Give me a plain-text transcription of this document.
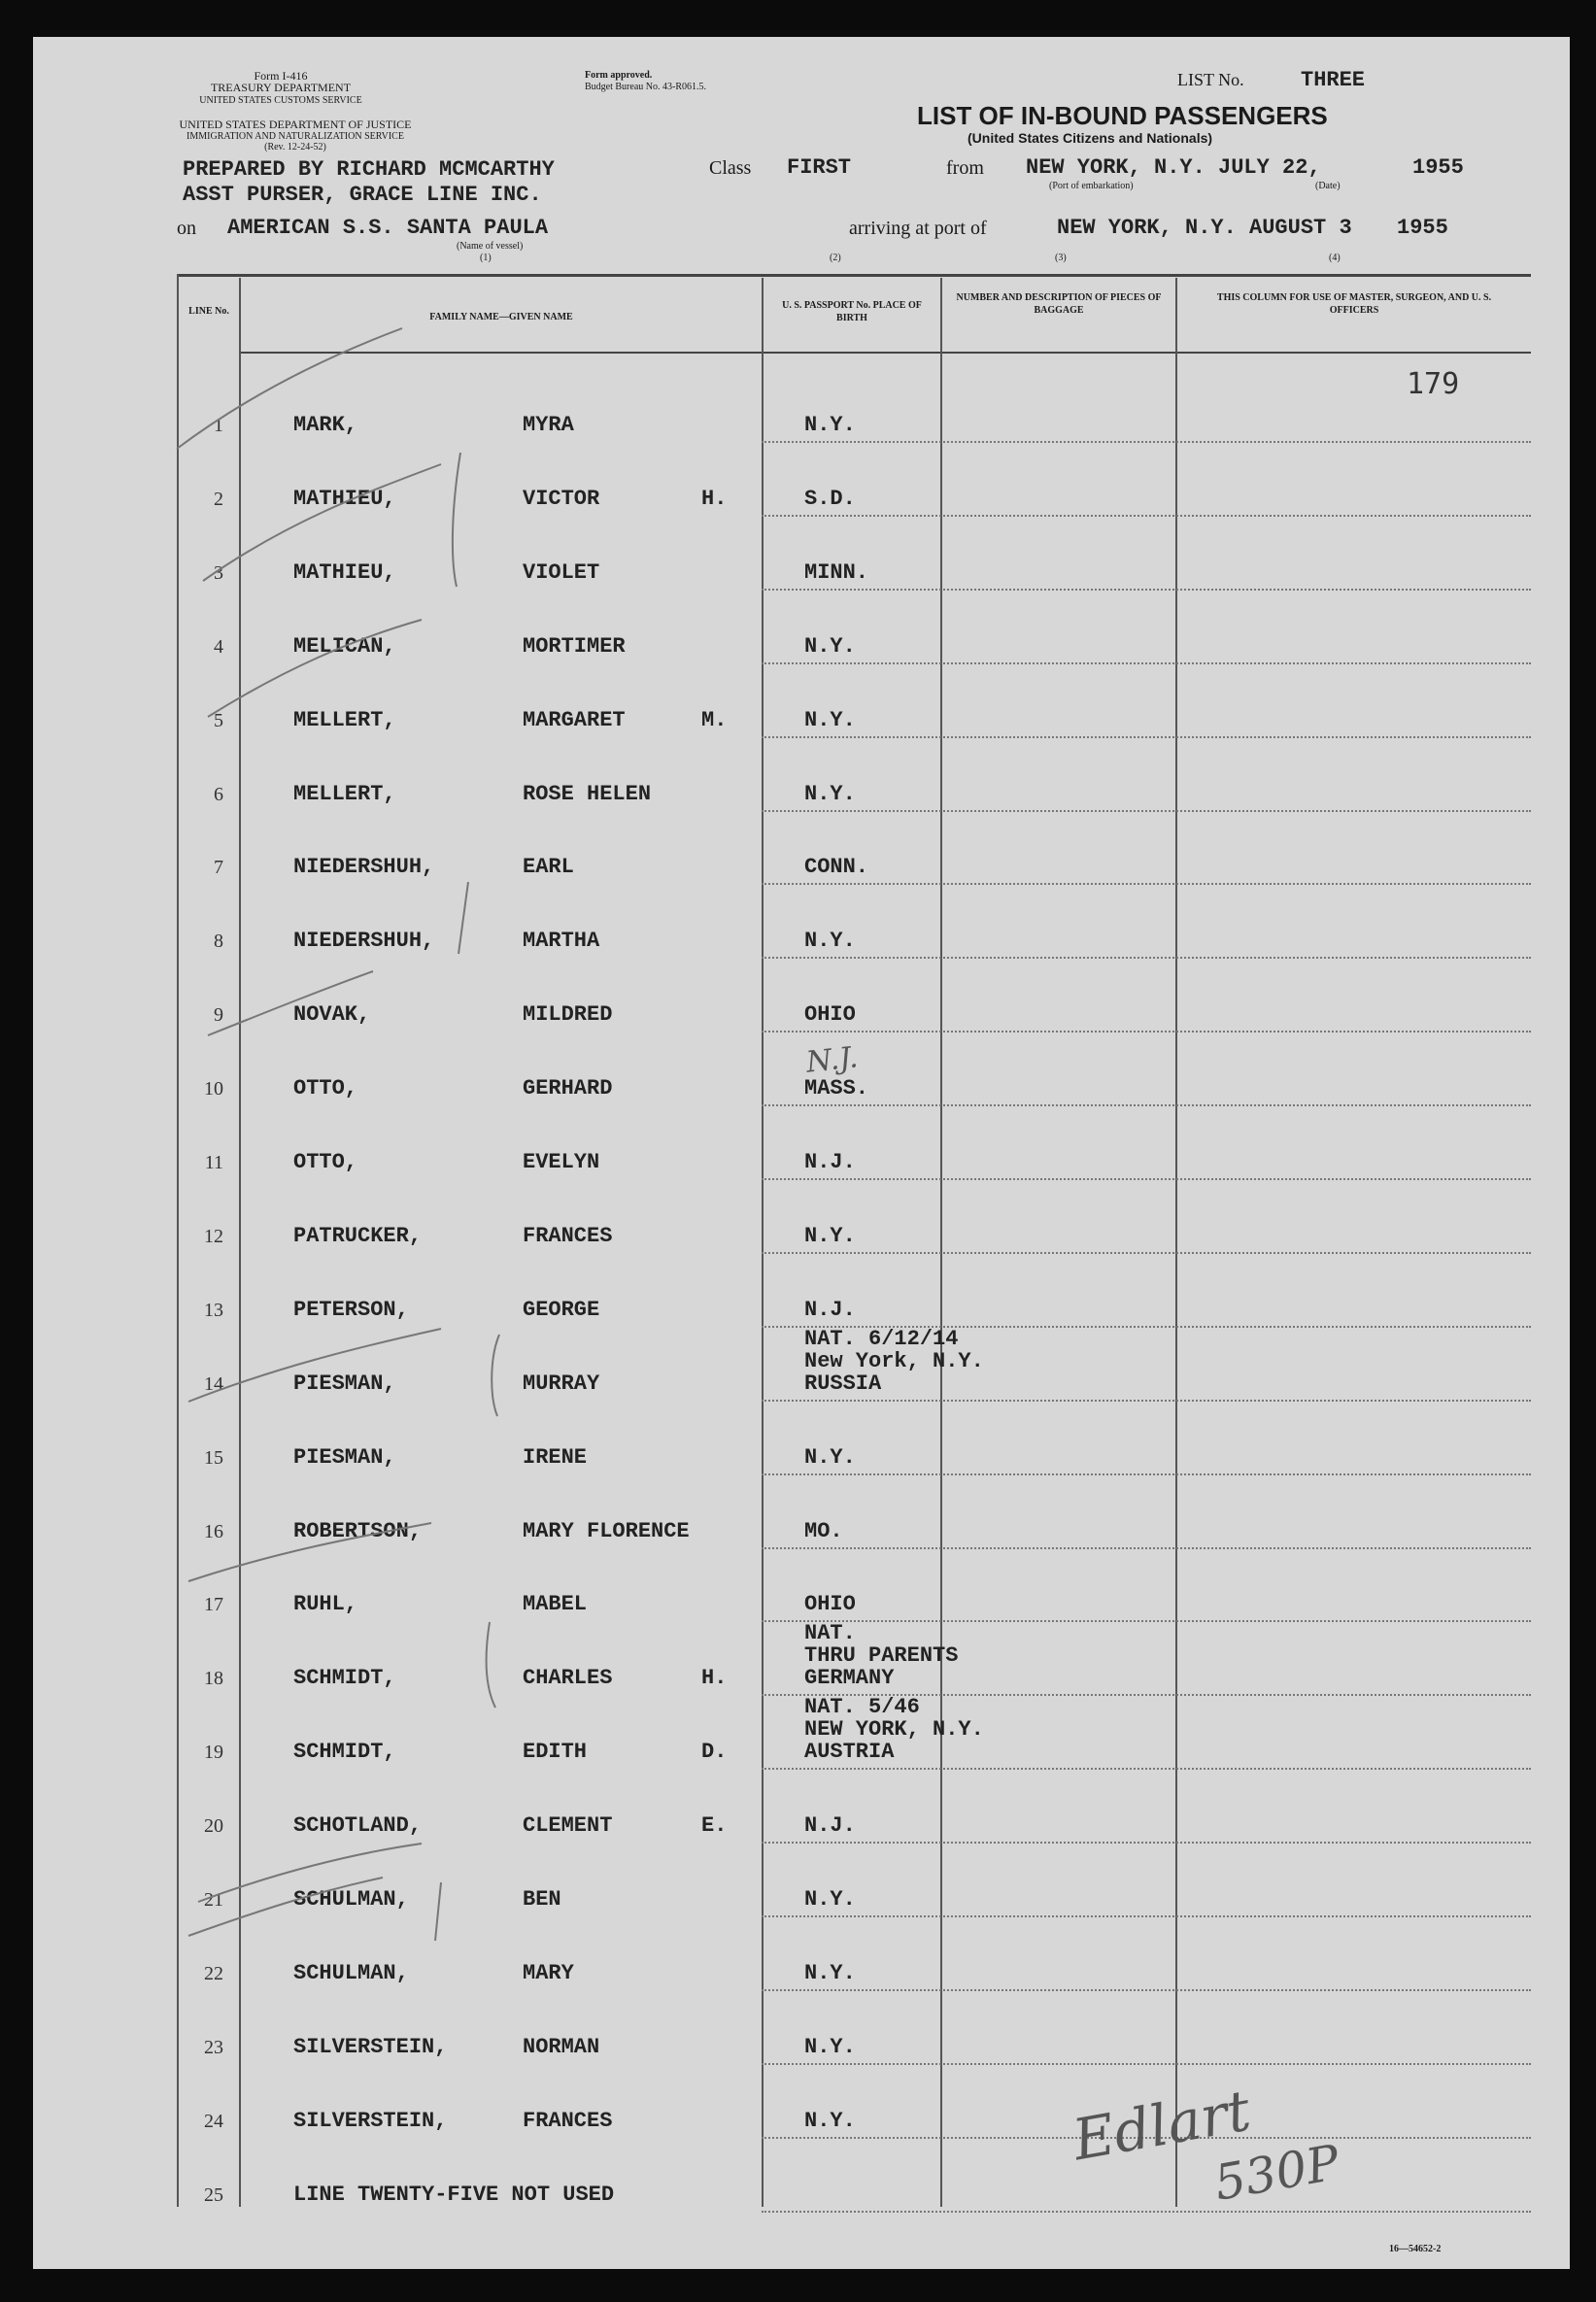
Form I-416
TREASURY DEPARTMENT
UNITED STATES CUSTOMS SERVICE
UNITED STATES DEPARTMENT OF JUSTICE
IMMIGRATION AND NATURALIZATION SERVICE
(Rev. 12-24-52)
Form approved.
Budget Bureau No. 43-R061.5.	LIST No.	THREE
LIST OF IN-BOUND PASSENGERS
(United States Citizens and Nationals)
PREPARED BY RICHARD MCMCARTHY
ASST PURSER, GRACE LINE INC.
Class FIRST	from NEW YORK, N.Y. JULY 22,	1955
(Port of embarkation)	(Date)
on AMERICAN S.S. SANTA PAULA
(Name of vessel)
(1)
arriving at port of	NEW YORK, N.Y. AUGUST 3 1955
(2)	(3)	(4)
LINE No.
FAMILY NAME—GIVEN NAME
U. S. PASSPORT No. PLACE OF BIRTH
NUMBER AND DESCRIPTION OF PIECES OF BAGGAGE
THIS COLUMN FOR USE OF MASTER, SURGEON, AND U. S. OFFICERS
179
1	MARK,	MYRA	N.Y.
2	MATHIEU,	VICTOR	H.	S.D.
3	MATHIEU,	VIOLET	MINN.
4	MELICAN,	MORTIMER	N.Y.
5	MELLERT,	MARGARET	M.	N.Y.
6	MELLERT,	ROSE HELEN	N.Y.
7	NIEDERSHUH,	EARL	CONN.
8	NIEDERSHUH,	MARTHA	N.Y.
9	NOVAK,	MILDRED	OHIO
10	OTTO,	GERHARD	MASS.
11	OTTO,	EVELYN	N.J.
12	PATRUCKER,	FRANCES	N.Y.
13	PETERSON,	GEORGE	N.J.
14	PIESMAN,	MURRAY	RUSSIA
NAT. 6/12/14
New York, N.Y.
15	PIESMAN,	IRENE	N.Y.
16	ROBERTSON,	MARY FLORENCE	MO.
17	RUHL,	MABEL	OHIO
18	SCHMIDT,	CHARLES	H.	GERMANY
NAT.
THRU PARENTS
19	SCHMIDT,	EDITH	D.	AUSTRIA
NAT. 5/46
NEW YORK, N.Y.
20	SCHOTLAND,	CLEMENT	E.	N.J.
21	SCHULMAN,	BEN	N.Y.
22	SCHULMAN,	MARY	N.Y.
23	SILVERSTEIN,	NORMAN	N.Y.
24	SILVERSTEIN,	FRANCES	N.Y.
25	LINE TWENTY-FIVE NOT USED
N.J.
Edlart
530P
16—54652-2
